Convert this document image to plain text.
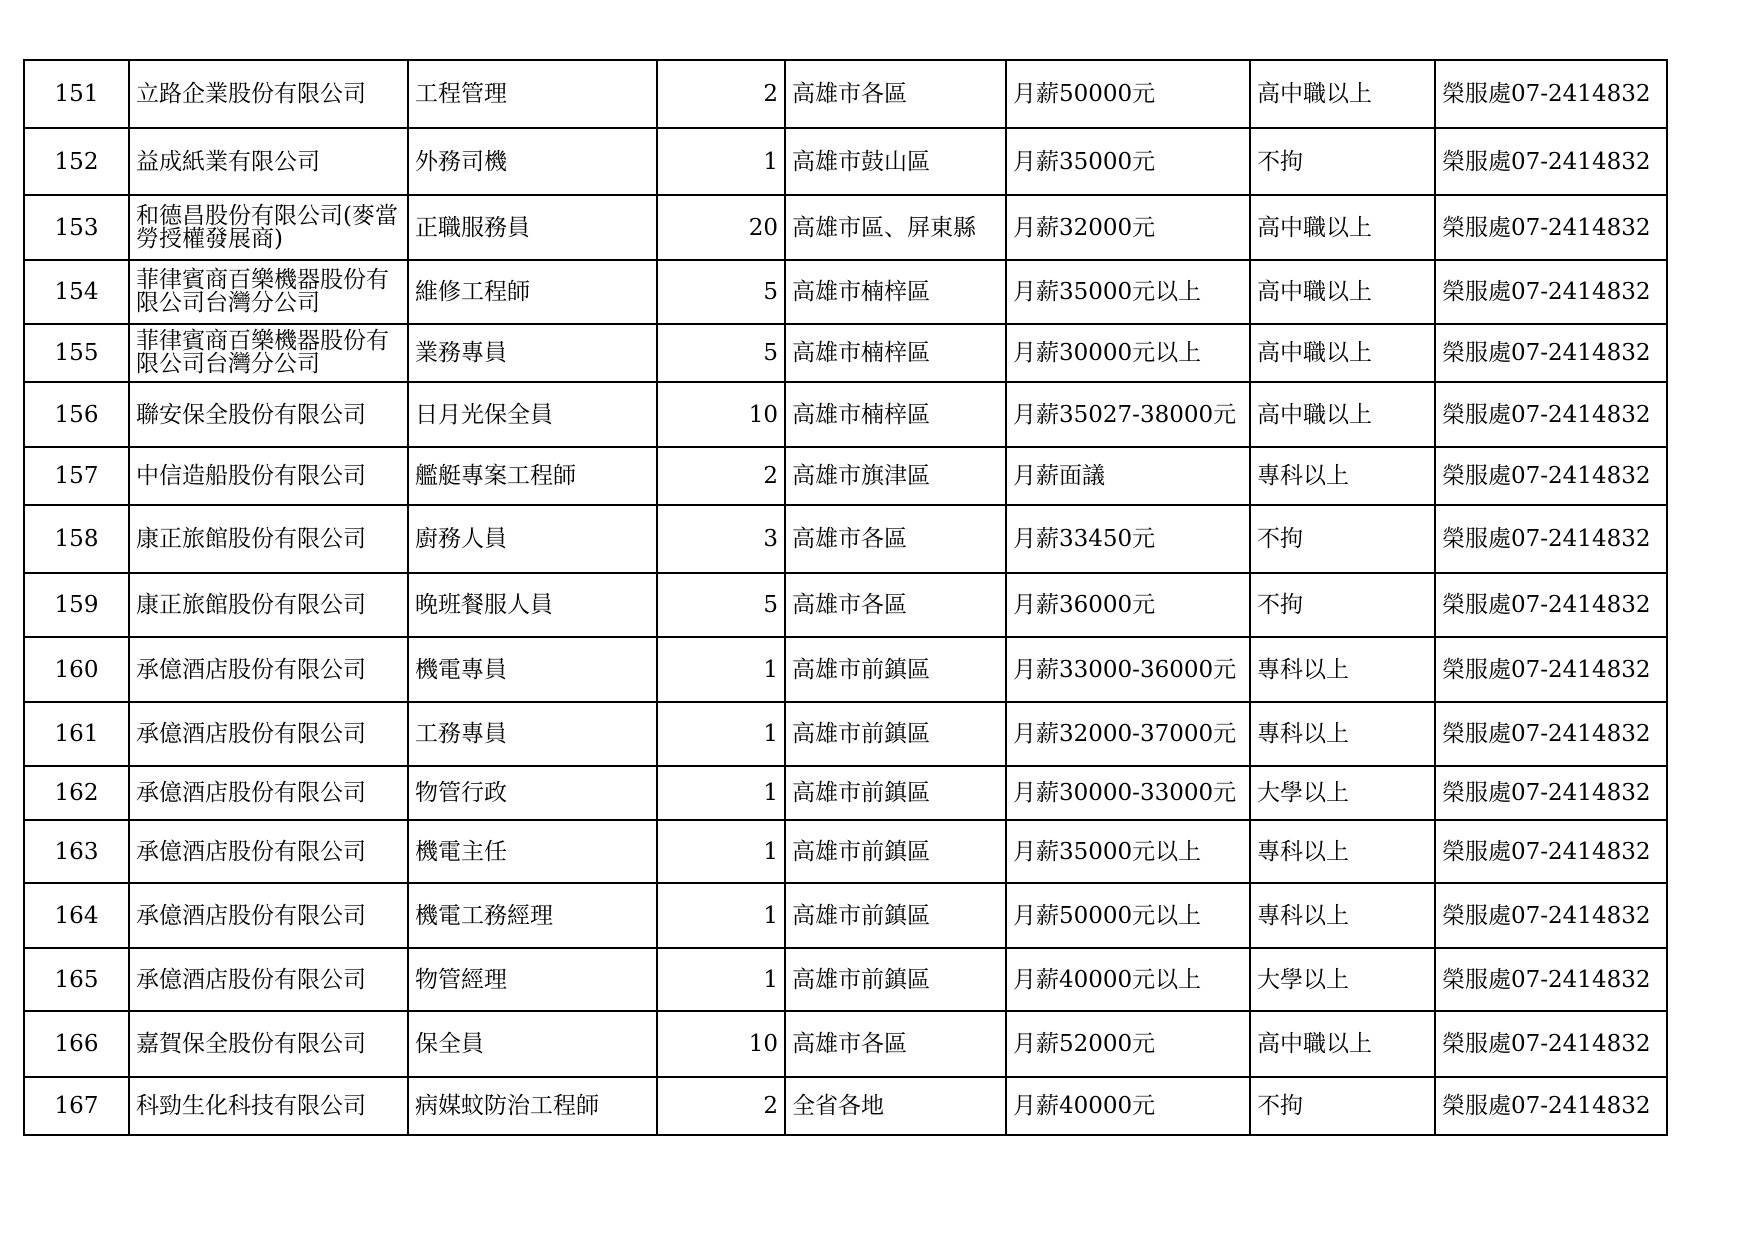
151	立路企業股份有限公司	工程管理	2	高雄市各區	月薪50000元	高中職以上	榮服處07-2414832
152	益成紙業有限公司	外務司機	1	高雄市鼓山區	月薪35000元	不拘	榮服處07-2414832
153	和德昌股份有限公司(麥當勞授權發展商)	正職服務員	20	高雄市區、屏東縣	月薪32000元	高中職以上	榮服處07-2414832
154	菲律賓商百樂機器股份有限公司台灣分公司	維修工程師	5	高雄市楠梓區	月薪35000元以上	高中職以上	榮服處07-2414832
155	菲律賓商百樂機器股份有限公司台灣分公司	業務專員	5	高雄市楠梓區	月薪30000元以上	高中職以上	榮服處07-2414832
156	聯安保全股份有限公司	日月光保全員	10	高雄市楠梓區	月薪35027-38000元	高中職以上	榮服處07-2414832
157	中信造船股份有限公司	艦艇專案工程師	2	高雄市旗津區	月薪面議	專科以上	榮服處07-2414832
158	康正旅館股份有限公司	廚務人員	3	高雄市各區	月薪33450元	不拘	榮服處07-2414832
159	康正旅館股份有限公司	晚班餐服人員	5	高雄市各區	月薪36000元	不拘	榮服處07-2414832
160	承億酒店股份有限公司	機電專員	1	高雄市前鎮區	月薪33000-36000元	專科以上	榮服處07-2414832
161	承億酒店股份有限公司	工務專員	1	高雄市前鎮區	月薪32000-37000元	專科以上	榮服處07-2414832
162	承億酒店股份有限公司	物管行政	1	高雄市前鎮區	月薪30000-33000元	大學以上	榮服處07-2414832
163	承億酒店股份有限公司	機電主任	1	高雄市前鎮區	月薪35000元以上	專科以上	榮服處07-2414832
164	承億酒店股份有限公司	機電工務經理	1	高雄市前鎮區	月薪50000元以上	專科以上	榮服處07-2414832
165	承億酒店股份有限公司	物管經理	1	高雄市前鎮區	月薪40000元以上	大學以上	榮服處07-2414832
166	嘉賀保全股份有限公司	保全員	10	高雄市各區	月薪52000元	高中職以上	榮服處07-2414832
167	科勁生化科技有限公司	病媒蚊防治工程師	2	全省各地	月薪40000元	不拘	榮服處07-2414832
